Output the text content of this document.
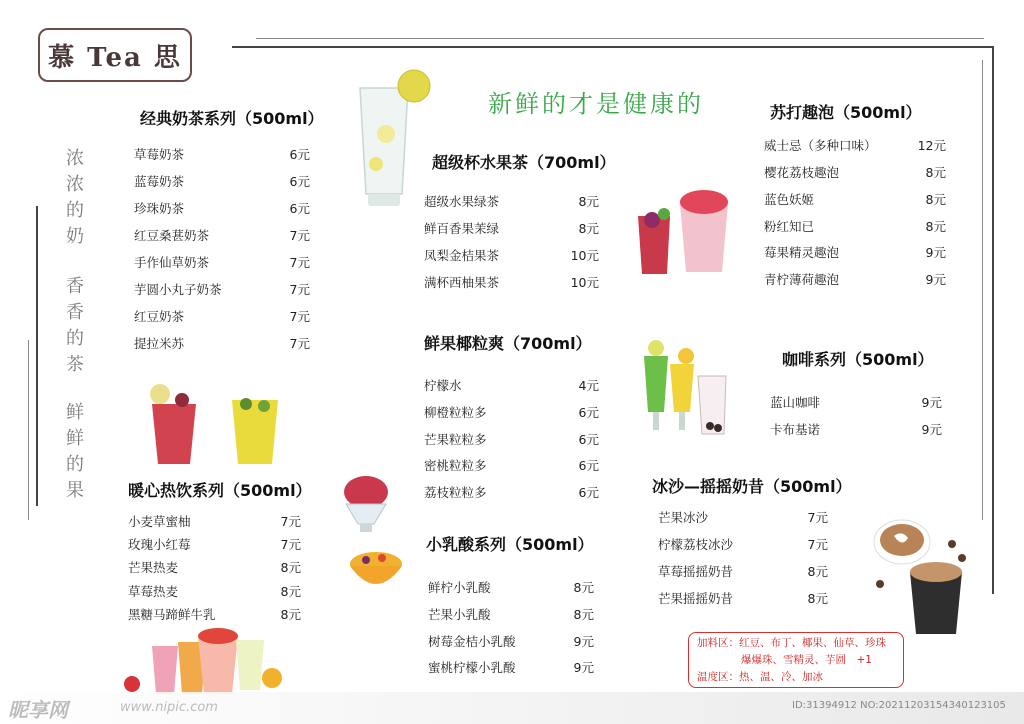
慕 Tea 思
新鲜的才是健康的
浓浓的奶
香香的茶
鲜鲜的果
经典奶茶系列（500ml）
草莓奶茶	6元
蓝莓奶茶	6元
珍珠奶茶	6元
红豆桑葚奶茶	7元
手作仙草奶茶	7元
芋圆小丸子奶茶	7元
红豆奶茶	7元
提拉米苏	7元
暖心热饮系列（500ml）
小麦草蜜柚	7元
玫瑰小红莓	7元
芒果热麦	8元
草莓热麦	8元
黑糖马蹄鲜牛乳	8元
超级杯水果茶（700ml）
超级水果绿茶	8元
鲜百香果茉绿	8元
凤梨金桔果茶	10元
满杯西柚果茶	10元
鲜果椰粒爽（700ml）
柠檬水	4元
柳橙粒粒多	6元
芒果粒粒多	6元
密桃粒粒多	6元
荔枝粒粒多	6元
小乳酸系列（500ml）
鲜柠小乳酸	8元
芒果小乳酸	8元
树莓金桔小乳酸	9元
蜜桃柠檬小乳酸	9元
苏打趣泡（500ml）
威士忌（多种口味）	12元
樱花荔枝趣泡	8元
蓝色妖姬	8元
粉红知已	8元
莓果精灵趣泡	9元
青柠薄荷趣泡	9元
咖啡系列（500ml）
蓝山咖啡	9元
卡布基诺	9元
冰沙—摇摇奶昔（500ml）
芒果冰沙	7元
柠檬荔枝冰沙	7元
草莓摇摇奶昔	8元
芒果摇摇奶昔	8元
加料区：红豆、布丁、椰果、仙草、珍珠
爆爆珠、雪精灵、芋圆　+1
温度区：热、温、冷、加冰
昵享网	www.nipic.com	ID:31394912 NO:20211203154340123105
